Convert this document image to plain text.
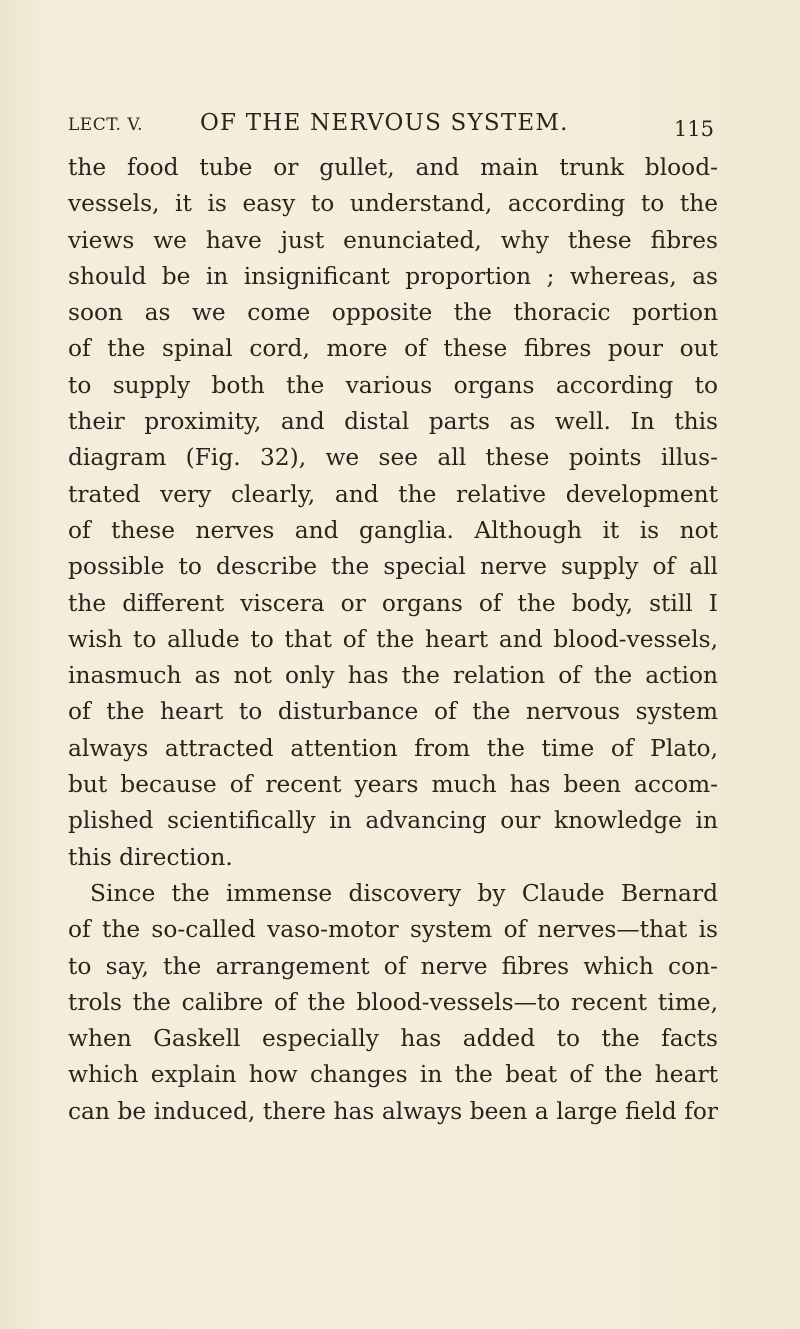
LECT. V. OF THE NERVOUS SYSTEM.	115
the food tube or gullet, and main trunk blood-
vessels, it is easy to understand, according to the
views we have just enunciated, why these fibres
should be in insignificant proportion ; whereas, as
soon as we come opposite the thoracic portion
of the spinal cord, more of these fibres pour out
to supply both the various organs according to
their proximity, and distal parts as well. In this
diagram (Fig. 32), we see all these points illus-
trated very clearly, and the relative development
of these nerves and ganglia. Although it is not
possible to describe the special nerve supply of all
the different viscera or organs of the body, still I
wish to allude to that of the heart and blood-vessels,
inasmuch as not only has the relation of the action
of the heart to disturbance of the nervous system
always attracted attention from the time of Plato,
but because of recent years much has been accom-
plished scientifically in advancing our knowledge in
this direction.
Since the immense discovery by Claude Bernard
of the so-called vaso-motor system of nerves—that is
to say, the arrangement of nerve fibres which con-
trols the calibre of the blood-vessels—to recent time,
when Gaskell especially has added to the facts
which explain how changes in the beat of the heart
can be induced, there has always been a large field for
